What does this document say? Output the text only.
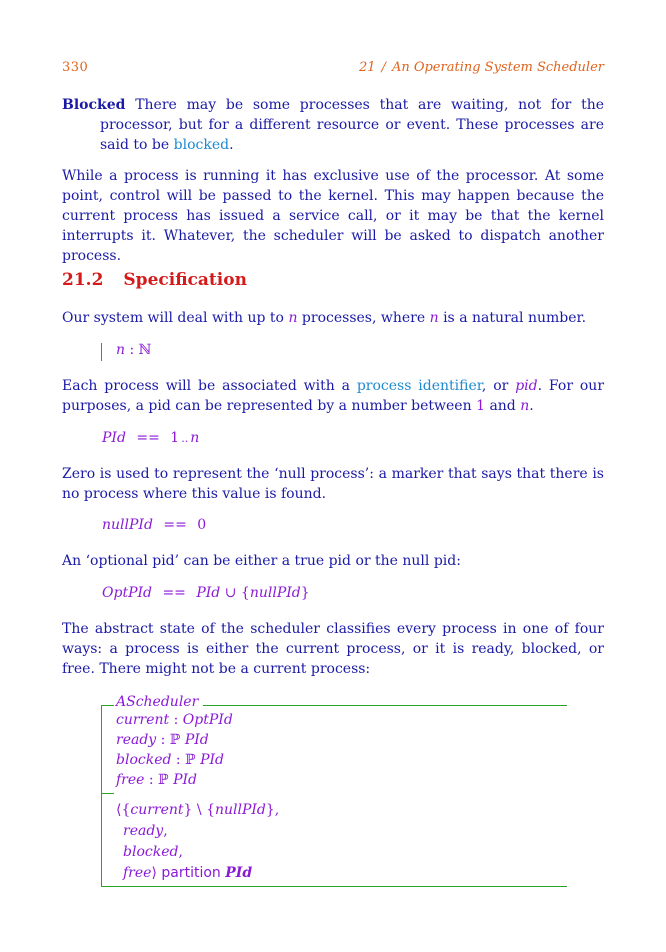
330	21 / An Operating System Scheduler
Blocked There may be some processes that are waiting, not for the processor, but for a different resource or event. These processes are said to be blocked.
While a process is running it has exclusive use of the processor. At some point, control will be passed to the kernel. This may happen because the current process has issued a service call, or it may be that the kernel interrupts it. Whatever, the scheduler will be asked to dispatch another process.
21.2 Specification
Our system will deal with up to n processes, where n is a natural number.
n : ℕ
Each process will be associated with a process identifier, or pid. For our purposes, a pid can be represented by a number between 1 and n.
PId == 1 .. n
Zero is used to represent the ‘null process’: a marker that says that there is no process where this value is found.
nullPId == 0
An ‘optional pid’ can be either a true pid or the null pid:
OptPId == PId ∪ {nullPId}
The abstract state of the scheduler classifies every process in one of four ways: a process is either the current process, or it is ready, blocked, or free. There might not be a current process:
AScheduler
current : OptPId
ready : ℙ PId
blocked : ℙ PId
free : ℙ PId
⟨{current} \ {nullPId},
ready,
blocked,
free⟩ partition PId
